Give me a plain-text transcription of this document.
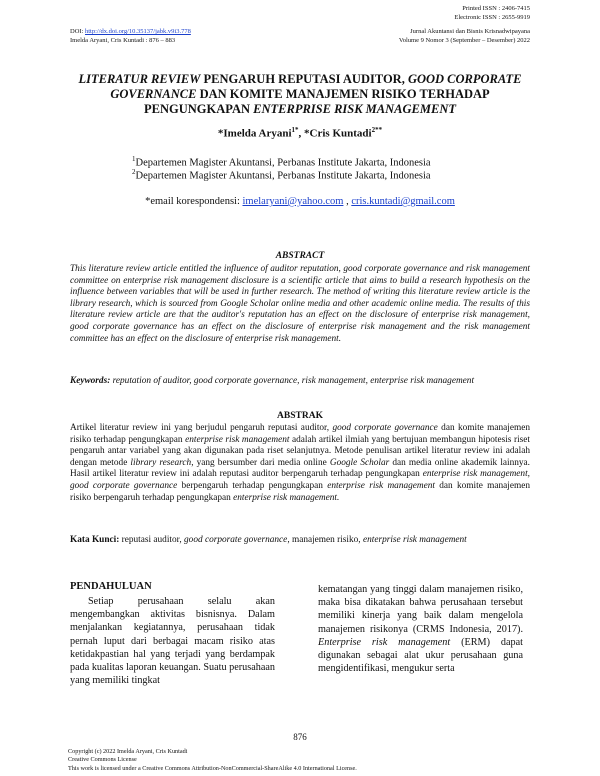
Printed ISSN : 2406-7415
Electronic ISSN : 2655-9919
DOI: http://dx.doi.org/10.35137/jabk.v9i3.778	Jurnal Akuntansi dan Bisnis Krisnadwipayana
Imelda Aryani, Cris Kuntadi : 876 – 883	Volume 9 Nomor 3 (September – Desember) 2022
LITERATUR REVIEW PENGARUH REPUTASI AUDITOR, GOOD CORPORATE GOVERNANCE DAN KOMITE MANAJEMEN RISIKO TERHADAP PENGUNGKAPAN ENTERPRISE RISK MANAGEMENT
*Imelda Aryani$^{1*}$, *Cris Kuntadi$^{2**}$
$^1$Departemen Magister Akuntansi, Perbanas Institute Jakarta, Indonesia
$^2$Departemen Magister Akuntansi, Perbanas Institute Jakarta, Indonesia
*email korespondensi: imelaryani@yahoo.com , cris.kuntadi@gmail.com
ABSTRACT
This literature review article entitled the influence of auditor reputation, good corporate governance and risk management committee on enterprise risk management disclosure is a scientific article that aims to build a research hypothesis on the influence between variables that will be used in further research. The method of writing this literature review article is the library research, which is sourced from Google Scholar online media and other academic online media. The results of this literature review article are that the auditor's reputation has an effect on the disclosure of enterprise risk management, good corporate governance has an effect on the disclosure of enterprise risk management and the risk management committee has an effect on the disclosure of enterprise risk management.
Keywords: reputation of auditor, good corporate governance, risk management, enterprise risk management
ABSTRAK
Artikel literatur review ini yang berjudul pengaruh reputasi auditor, good corporate governance dan komite manajemen risiko terhadap pengungkapan enterprise risk management adalah artikel ilmiah yang bertujuan membangun hipotesis riset pengaruh antar variabel yang akan digunakan pada riset selanjutnya. Metode penulisan artikel literatur review ini adalah dengan metode library research, yang bersumber dari media online Google Scholar dan media online akademik lainnya. Hasil artikel literatur review ini adalah reputasi auditor berpengaruh terhadap pengungkapan enterprise risk management, good corporate governance berpengaruh terhadap pengungkapan enterprise risk management dan komite manajemen risiko berpengaruh terhadap pengungkapan enterprise risk management.
Kata Kunci: reputasi auditor, good corporate governance, manajemen risiko, enterprise risk management
PENDAHULUAN
Setiap perusahaan selalu akan mengembangkan aktivitas bisnisnya. Dalam menjalankan kegiatannya, perusahaan tidak pernah luput dari berbagai macam risiko atas ketidakpastian hal yang terjadi yang berdampak pada kualitas laporan keuangan. Suatu perusahaan yang memiliki tingkat
kematangan yang tinggi dalam manajemen risiko, maka bisa dikatakan bahwa perusahaan tersebut memiliki kinerja yang baik dalam mengelola manajemen risikonya (CRMS Indonesia, 2017). Enterprise risk management (ERM) dapat digunakan sebagai alat ukur perusahaan guna mengidentifikasi, mengukur serta
876
Copyright (c) 2022 Imelda Aryani, Cris Kuntadi
Creative Commons License
This work is licensed under a Creative Commons Attribution-NonCommercial-ShareAlike 4.0 International License.
